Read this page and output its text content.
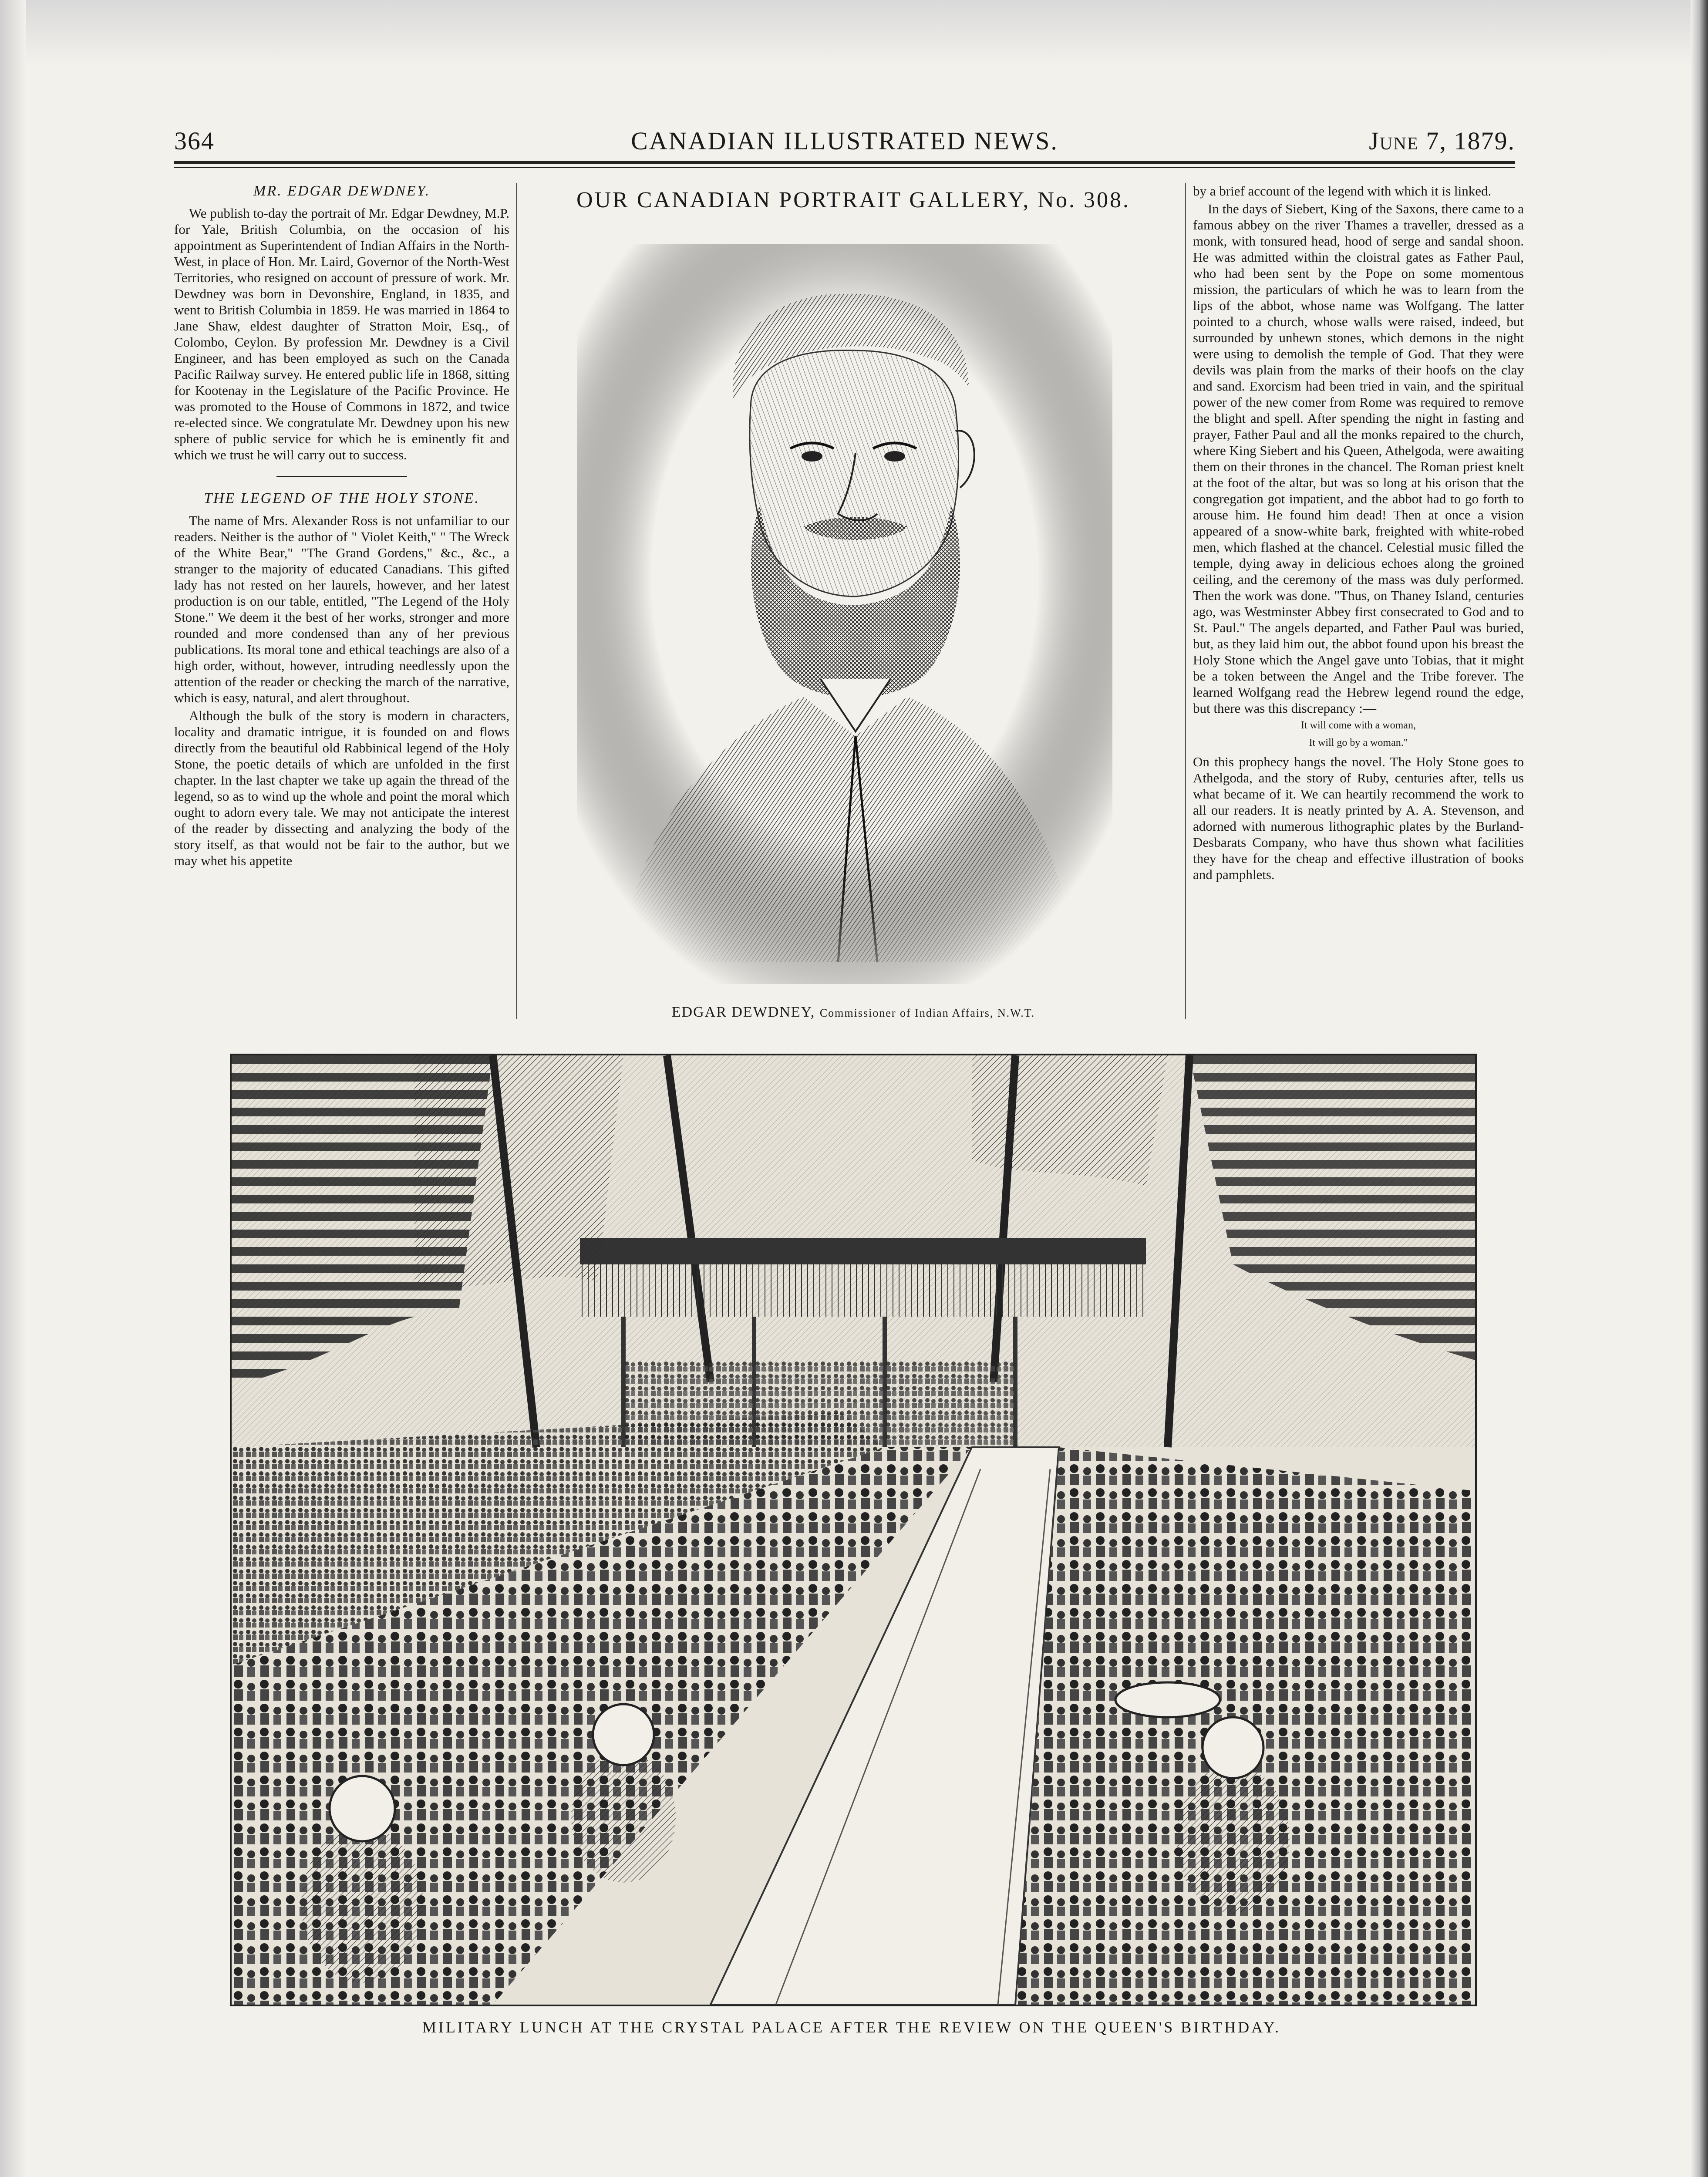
364	CANADIAN ILLUSTRATED NEWS.	June 7, 1879.

MR. EDGAR DEWDNEY.

We publish to-day the portrait of Mr. Edgar Dewdney, M.P. for Yale, British Columbia, on the occasion of his appointment as Superintendent of Indian Affairs in the North-West, in place of Hon. Mr. Laird, Governor of the North-West Territories, who resigned on account of pressure of work. Mr. Dewdney was born in Devonshire, England, in 1835, and went to British Columbia in 1859. He was married in 1864 to Jane Shaw, eldest daughter of Stratton Moir, Esq., of Colombo, Ceylon. By profession Mr. Dewdney is a Civil Engineer, and has been employed as such on the Canada Pacific Railway survey. He entered public life in 1868, sitting for Kootenay in the Legislature of the Pacific Province. He was promoted to the House of Commons in 1872, and twice re-elected since. We congratulate Mr. Dewdney upon his new sphere of public service for which he is eminently fit and which we trust he will carry out to success.

THE LEGEND OF THE HOLY STONE.

The name of Mrs. Alexander Ross is not unfamiliar to our readers. Neither is the author of " Violet Keith," " The Wreck of the White Bear," "The Grand Gordens," &c., &c., a stranger to the majority of educated Canadians. This gifted lady has not rested on her laurels, however, and her latest production is on our table, entitled, "The Legend of the Holy Stone." We deem it the best of her works, stronger and more rounded and more condensed than any of her previous publications. Its moral tone and ethical teachings are also of a high order, without, however, intruding needlessly upon the attention of the reader or checking the march of the narrative, which is easy, natural, and alert throughout.

Although the bulk of the story is modern in characters, locality and dramatic intrigue, it is founded on and flows directly from the beautiful old Rabbinical legend of the Holy Stone, the poetic details of which are unfolded in the first chapter. In the last chapter we take up again the thread of the legend, so as to wind up the whole and point the moral which ought to adorn every tale. We may not anticipate the interest of the reader by dissecting and analyzing the body of the story itself, as that would not be fair to the author, but we may whet his appetite

OUR CANADIAN PORTRAIT GALLERY, No. 308.
EDGAR DEWDNEY, Commissioner of Indian Affairs, N.W.T.

by a brief account of the legend with which it is linked.

In the days of Siebert, King of the Saxons, there came to a famous abbey on the river Thames a traveller, dressed as a monk, with tonsured head, hood of serge and sandal shoon. He was admitted within the cloistral gates as Father Paul, who had been sent by the Pope on some momentous mission, the particulars of which he was to learn from the lips of the abbot, whose name was Wolfgang. The latter pointed to a church, whose walls were raised, indeed, but surrounded by unhewn stones, which demons in the night were using to demolish the temple of God. That they were devils was plain from the marks of their hoofs on the clay and sand. Exorcism had been tried in vain, and the spiritual power of the new comer from Rome was required to remove the blight and spell. After spending the night in fasting and prayer, Father Paul and all the monks repaired to the church, where King Siebert and his Queen, Athelgoda, were awaiting them on their thrones in the chancel. The Roman priest knelt at the foot of the altar, but was so long at his orison that the congregation got impatient, and the abbot had to go forth to arouse him. He found him dead! Then at once a vision appeared of a snow-white bark, freighted with white-robed men, which flashed at the chancel. Celestial music filled the temple, dying away in delicious echoes along the groined ceiling, and the ceremony of the mass was duly performed. Then the work was done. "Thus, on Thaney Island, centuries ago, was Westminster Abbey first consecrated to God and to St. Paul." The angels departed, and Father Paul was buried, but, as they laid him out, the abbot found upon his breast the Holy Stone which the Angel gave unto Tobias, that it might be a token between the Angel and the Tribe forever. The learned Wolfgang read the Hebrew legend round the edge, but there was this discrepancy :—

It will come with a woman,

It will go by a woman."

On this prophecy hangs the novel. The Holy Stone goes to Athelgoda, and the story of Ruby, centuries after, tells us what became of it. We can heartily recommend the work to all our readers. It is neatly printed by A. A. Stevenson, and adorned with numerous lithographic plates by the Burland-Desbarats Company, who have thus shown what facilities they have for the cheap and effective illustration of books and pamphlets.

MILITARY LUNCH AT THE CRYSTAL PALACE AFTER THE REVIEW ON THE QUEEN'S BIRTHDAY.
